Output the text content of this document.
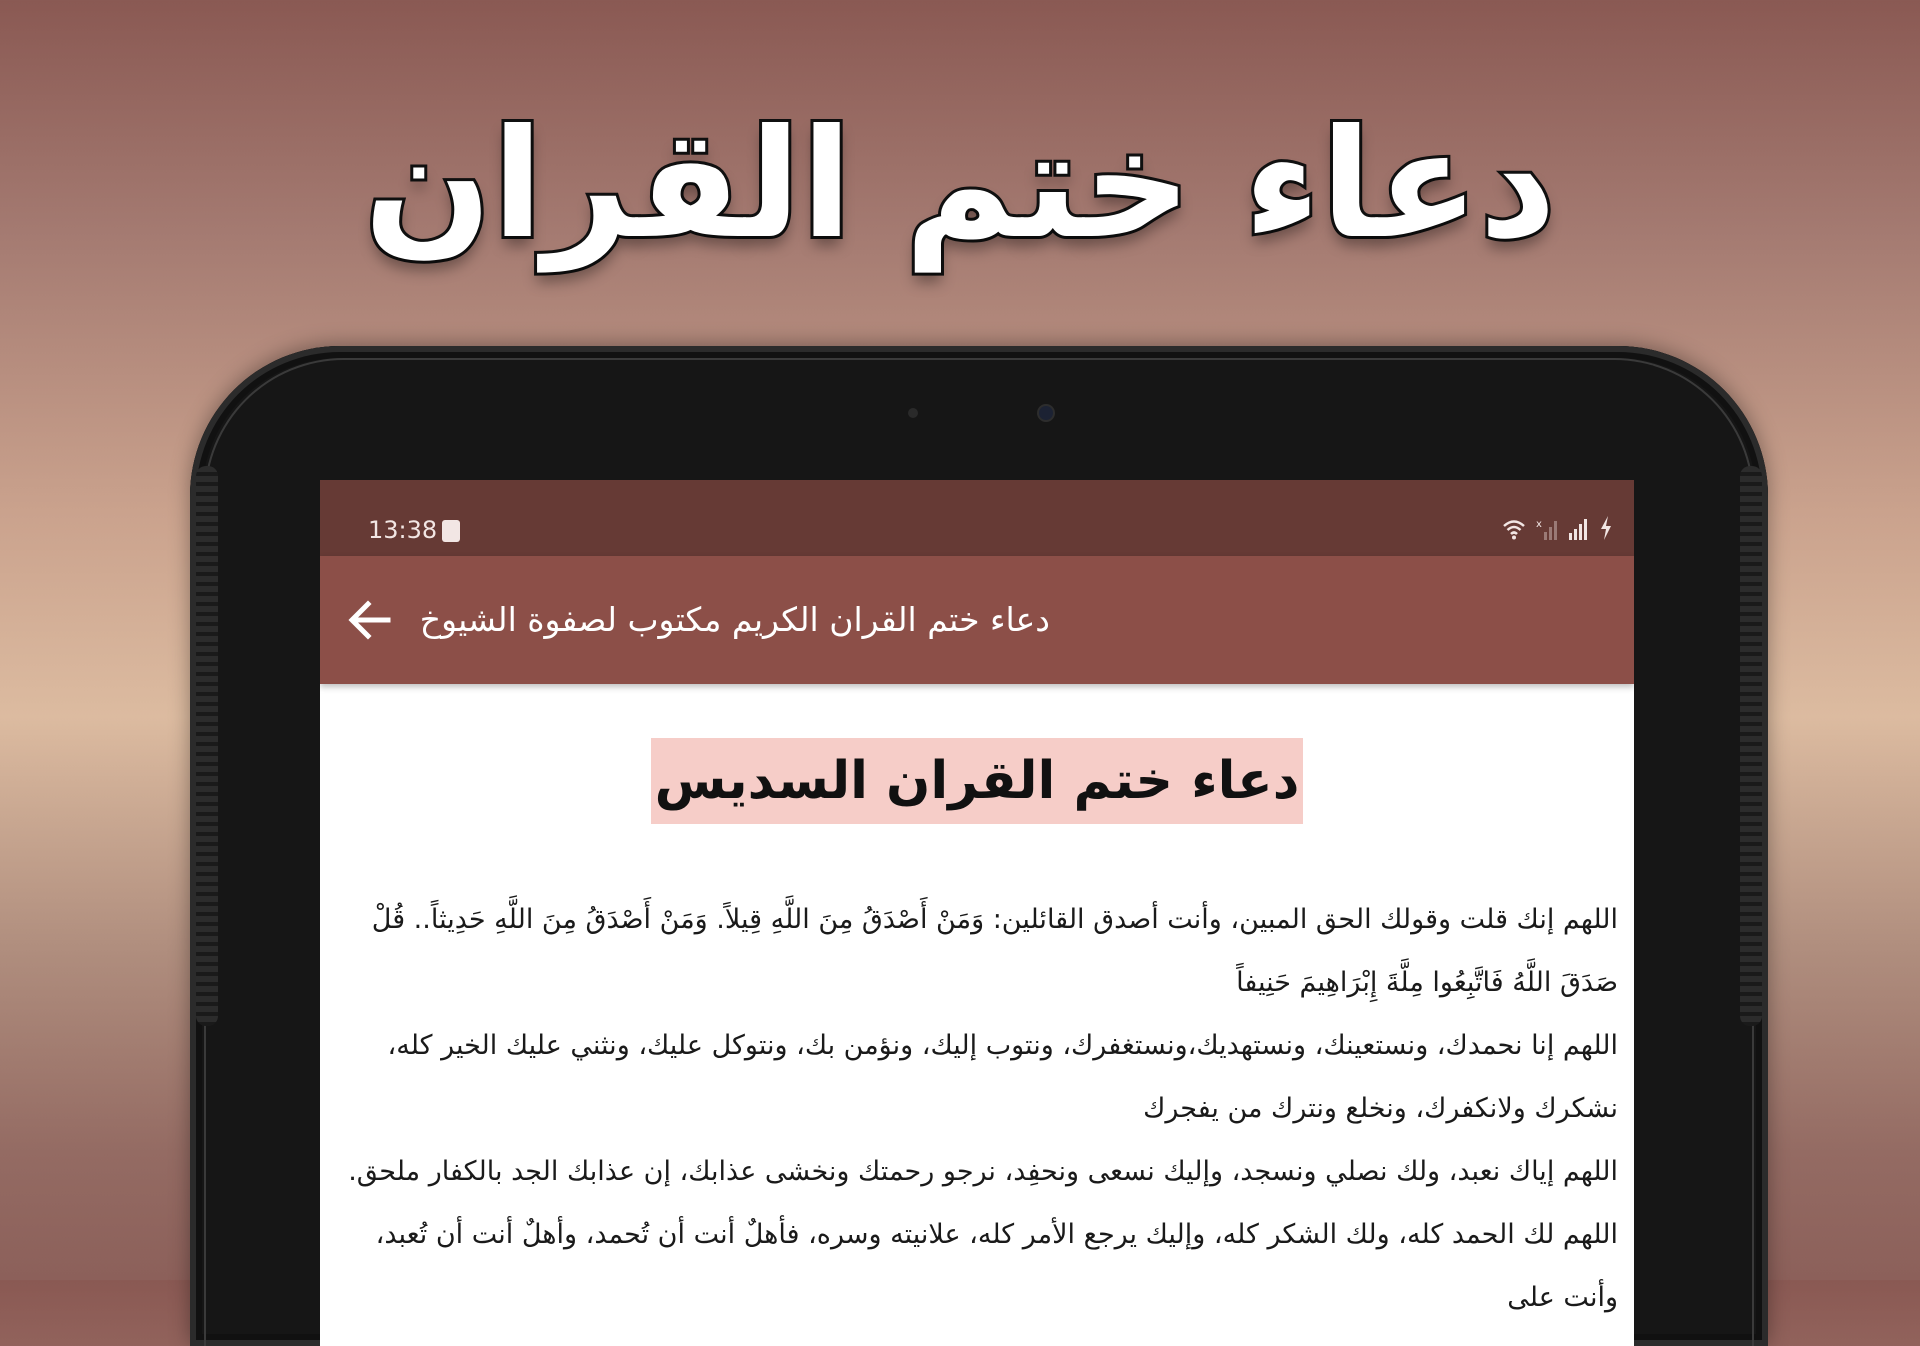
دعاء ختم القران
13:38	x
دعاء ختم القران الكريم مكتوب لصفوة الشيوخ
دعاء ختم القران السديس

اللهم إنك قلت وقولك الحق المبين، وأنت أصدق القائلين: وَمَنْ أَصْدَقُ مِنَ اللَّهِ قِيلاً. وَمَنْ أَصْدَقُ مِنَ اللَّهِ حَدِيثاً.. قُلْ صَدَقَ اللَّهُ فَاتَّبِعُوا مِلَّةَ إِبْرَاهِيمَ حَنِيفاً

اللهم إنا نحمدك، ونستعينك، ونستهديك،ونستغفرك، ونتوب إليك، ونؤمن بك، ونتوكل عليك، ونثني عليك الخير كله، نشكرك ولانكفرك، ونخلع ونترك من يفجرك

اللهم إياك نعبد، ولك نصلي ونسجد، وإليك نسعى ونحفِد، نرجو رحمتك ونخشى عذابك، إن عذابك الجد بالكفار ملحق.

اللهم لك الحمد كله، ولك الشكر كله، وإليك يرجع الأمر كله، علانيته وسره، فأهلٌ أنت أن تُحمد، وأهلٌ أنت أن تُعبد، وأنت على
